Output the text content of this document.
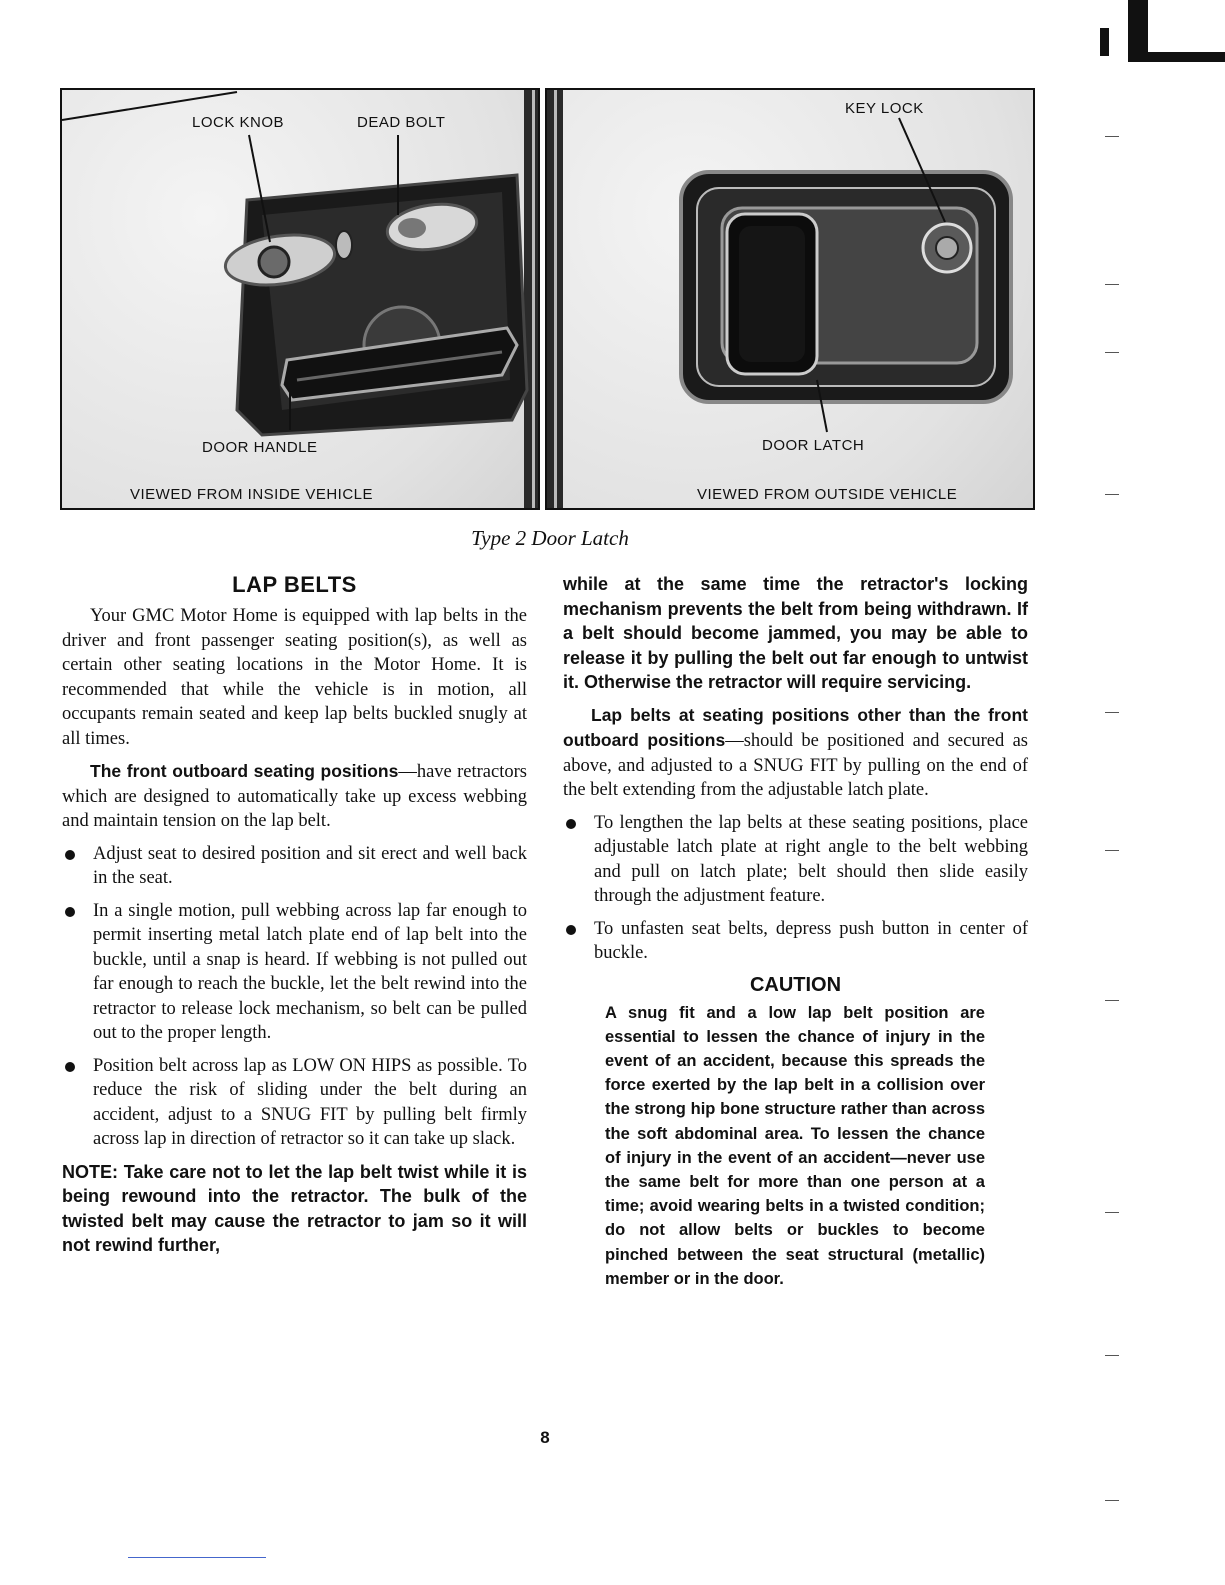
LOCK KNOB	DEAD BOLT
DOOR HANDLE
VIEWED FROM INSIDE VEHICLE
KEY LOCK
DOOR LATCH
VIEWED FROM OUTSIDE VEHICLE
Type 2 Door Latch
LAP BELTS

Your GMC Motor Home is equipped with lap belts in the driver and front passenger seating position(s), as well as certain other seating locations in the Motor Home. It is recommended that while the vehicle is in motion, all occupants remain seated and keep lap belts buckled snugly at all times.

The front outboard seating positions—have retractors which are designed to automatically take up excess webbing and maintain tension on the lap belt.

Adjust seat to desired position and sit erect and well back in the seat.
In a single motion, pull webbing across lap far enough to permit inserting metal latch plate end of lap belt into the buckle, until a snap is heard. If webbing is not pulled out far enough to reach the buckle, let the belt rewind into the retractor to release lock mechanism, so belt can be pulled out to the proper length.
Position belt across lap as LOW ON HIPS as possible. To reduce the risk of sliding under the belt during an accident, adjust to a SNUG FIT by pulling belt firmly across lap in direction of retractor so it can take up slack.

NOTE: Take care not to let the lap belt twist while it is being rewound into the retractor. The bulk of the twisted belt may cause the retractor to jam so it will not rewind further,

while at the same time the retractor's locking mechanism prevents the belt from being withdrawn. If a belt should become jammed, you may be able to release it by pulling the belt out far enough to untwist it. Otherwise the retractor will require servicing.

Lap belts at seating positions other than the front outboard positions—should be positioned and secured as above, and adjusted to a SNUG FIT by pulling on the end of the belt extending from the adjustable latch plate.

To lengthen the lap belts at these seating positions, place adjustable latch plate at right angle to the belt webbing and pull on latch plate; belt should then slide easily through the adjustment feature.
To unfasten seat belts, depress push button in center of buckle.
CAUTION

A snug fit and a low lap belt position are essential to lessen the chance of injury in the event of an accident, because this spreads the force exerted by the lap belt in a collision over the strong hip bone structure rather than across the soft abdominal area. To lessen the chance of injury in the event of an accident—never use the same belt for more than one person at a time; avoid wearing belts in a twisted condition; do not allow belts or buckles to become pinched between the seat structural (metallic) member or in the door.

8
